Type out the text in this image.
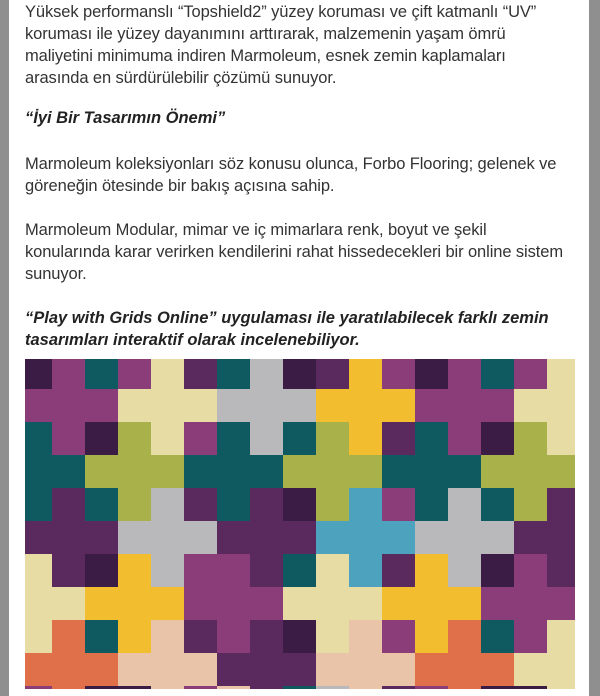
Yüksek performanslı “Topshield2” yüzey koruması ve çift katmanlı “UV” koruması ile yüzey dayanımını arttırarak, malzemenin yaşam ömrü maliyetini minimuma indiren Marmoleum, esnek zemin kaplamaları arasında en sürdürülebilir çözümü sunuyor.

“İyi Bir Tasarımın Önemi”

Marmoleum koleksiyonları söz konusu olunca, Forbo Flooring; gelenek ve göreneğin ötesinde bir bakış açısına sahip.

Marmoleum Modular, mimar ve iç mimarlara renk, boyut ve şekil konularında karar verirken kendilerini rahat hissedecekleri bir online sistem sunuyor.

“Play with Grids Online” uygulaması ile yaratılabilecek farklı zemin tasarımları interaktif olarak incelenebiliyor.
